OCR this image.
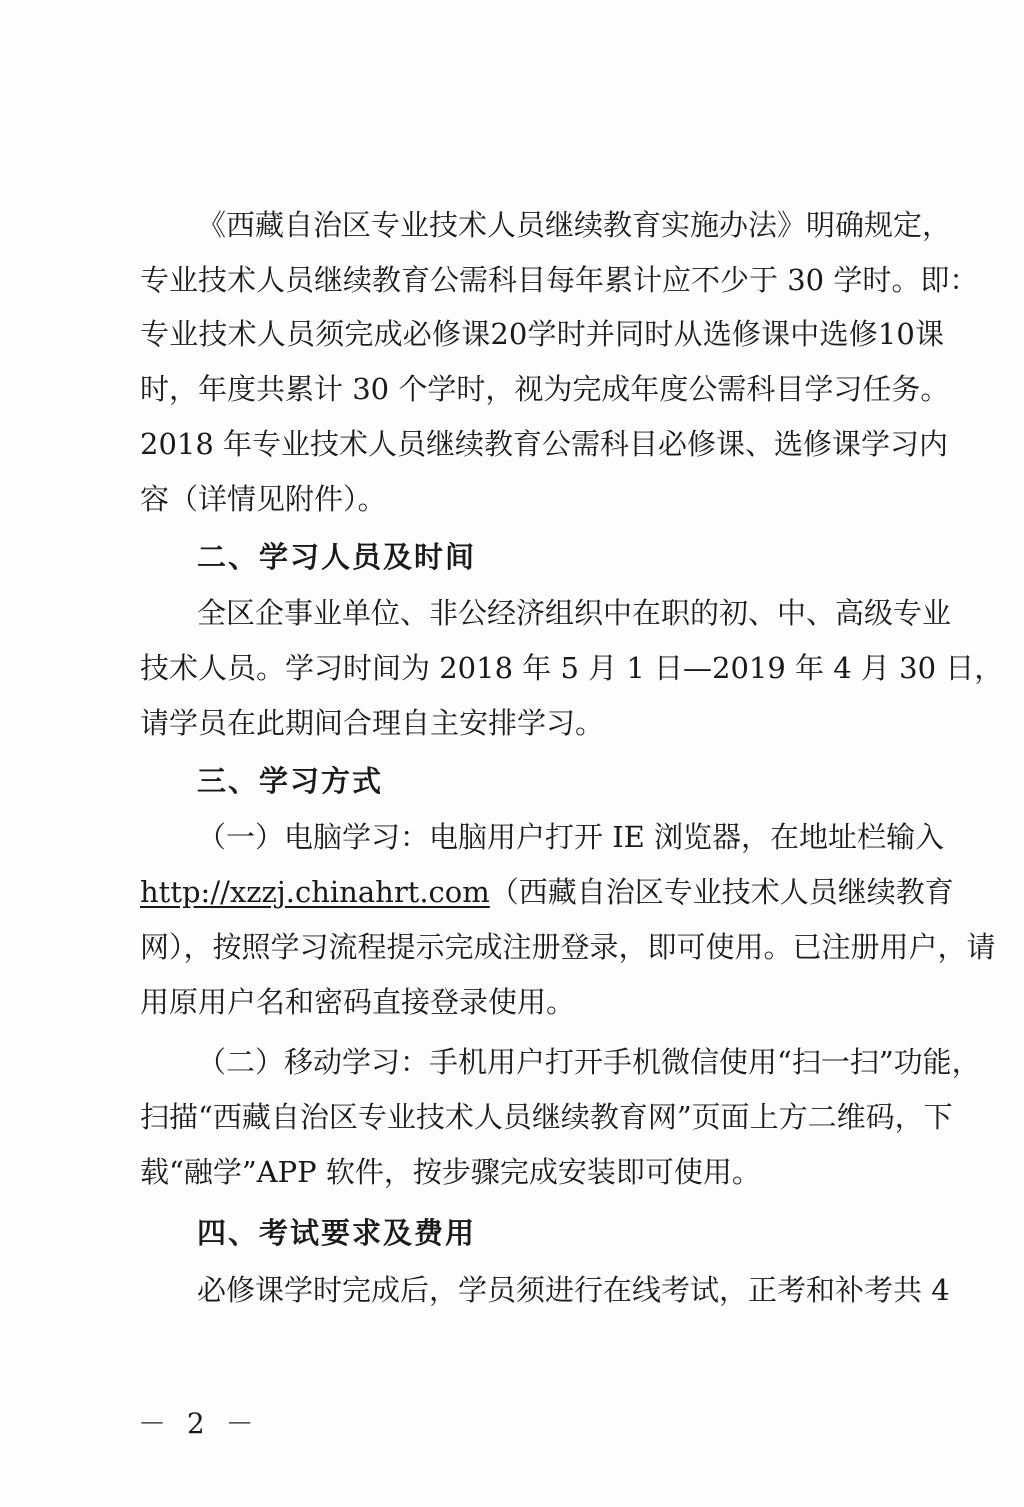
《西藏自治区专业技术人员继续教育实施办法》明确规定，
专业技术人员继续教育公需科目每年累计应不少于 30 学时。即：
专业技术人员须完成必修课20学时并同时从选修课中选修10课
时，年度共累计 30 个学时，视为完成年度公需科目学习任务。
2018 年专业技术人员继续教育公需科目必修课、选修课学习内
容（详情见附件）。
二、学习人员及时间
全区企事业单位、非公经济组织中在职的初、中、高级专业
技术人员。学习时间为 2018 年 5 月 1 日—2019 年 4 月 30 日，
请学员在此期间合理自主安排学习。
三、学习方式
（一）电脑学习：电脑用户打开 IE 浏览器，在地址栏输入
http://xzzj.chinahrt.com（西藏自治区专业技术人员继续教育
网），按照学习流程提示完成注册登录，即可使用。已注册用户，请
用原用户名和密码直接登录使用。
（二）移动学习：手机用户打开手机微信使用“扫一扫”功能，
扫描“西藏自治区专业技术人员继续教育网”页面上方二维码，下
载“融学”APP 软件，按步骤完成安装即可使用。
四、考试要求及费用
必修课学时完成后，学员须进行在线考试，正考和补考共 4
－ 2 －
